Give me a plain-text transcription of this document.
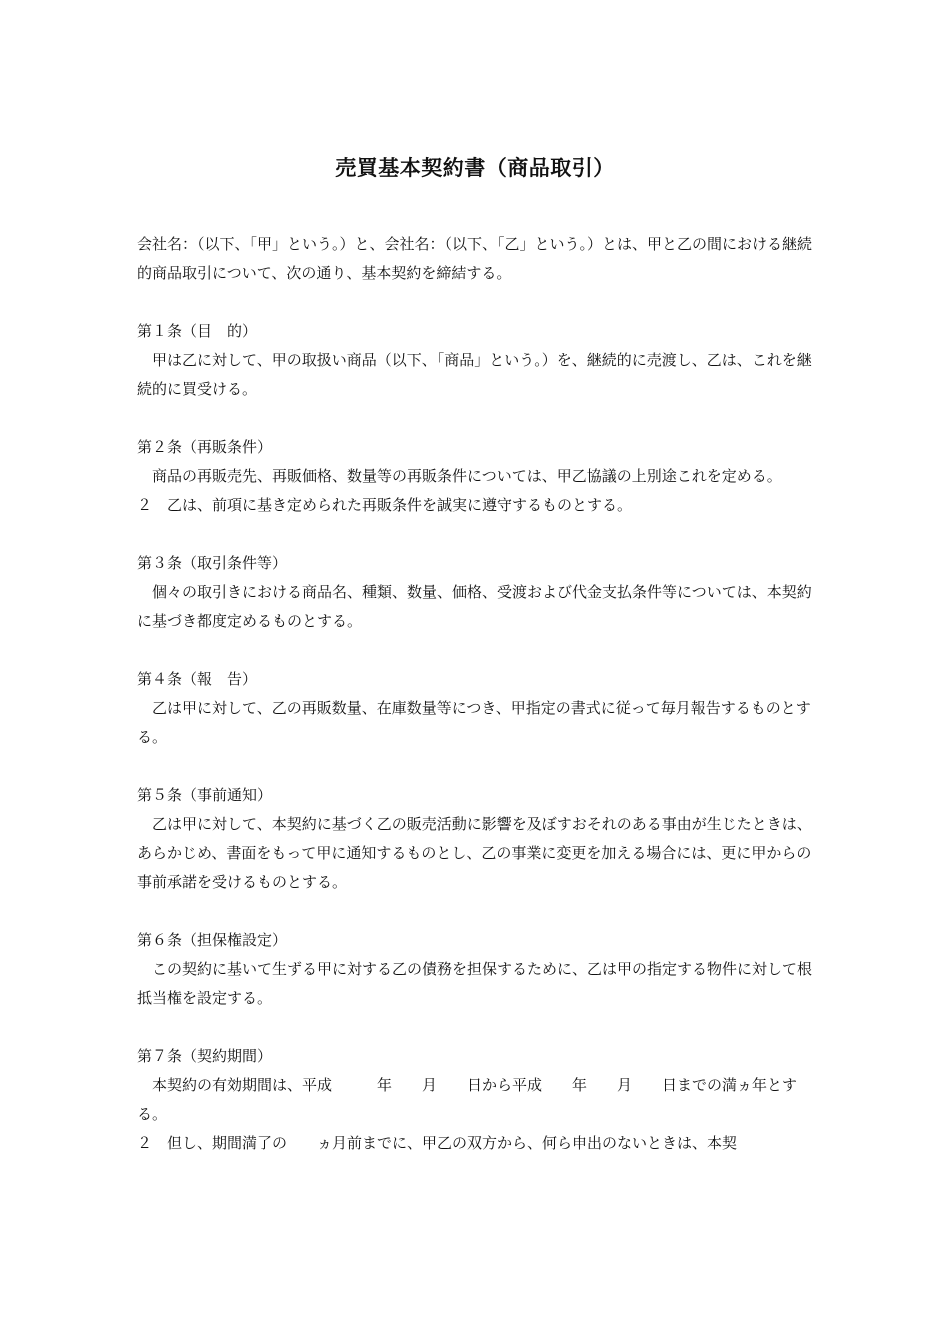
売買基本契約書（商品取引）

会社名：（以下、「甲」という。）と、会社名：（以下、「乙」という。）とは、甲と乙の間における継続的商品取引について、次の通り、基本契約を締結する。

第１条（目　的）

　甲は乙に対して、甲の取扱い商品（以下、｢商品」という。）を、継続的に売渡し、乙は、これを継続的に買受ける。

第２条（再販条件）

　商品の再販売先、再販価格、数量等の再販条件については、甲乙協議の上別途これを定める。

２　乙は、前項に基き定められた再販条件を誠実に遵守するものとする。

第３条（取引条件等）

　個々の取引きにおける商品名、種類、数量、価格、受渡および代金支払条件等については、本契約に基づき都度定めるものとする。

第４条（報　告）

　乙は甲に対して、乙の再販数量、在庫数量等につき、甲指定の書式に従って毎月報告するものとする。

第５条（事前通知）

　乙は甲に対して、本契約に基づく乙の販売活動に影響を及ぼすおそれのある事由が生じたときは、あらかじめ、書面をもって甲に通知するものとし、乙の事業に変更を加える場合には、更に甲からの事前承諾を受けるものとする。

第６条（担保権設定）

　この契約に基いて生ずる甲に対する乙の債務を担保するために、乙は甲の指定する物件に対して根抵当権を設定する。

第７条（契約期間）

　本契約の有効期間は、平成　　　年　　月　　日から平成　　年　　月　　日までの満ヵ年とする。

２　但し、期間満了の　　ヵ月前までに、甲乙の双方から、何ら申出のないときは、本契
